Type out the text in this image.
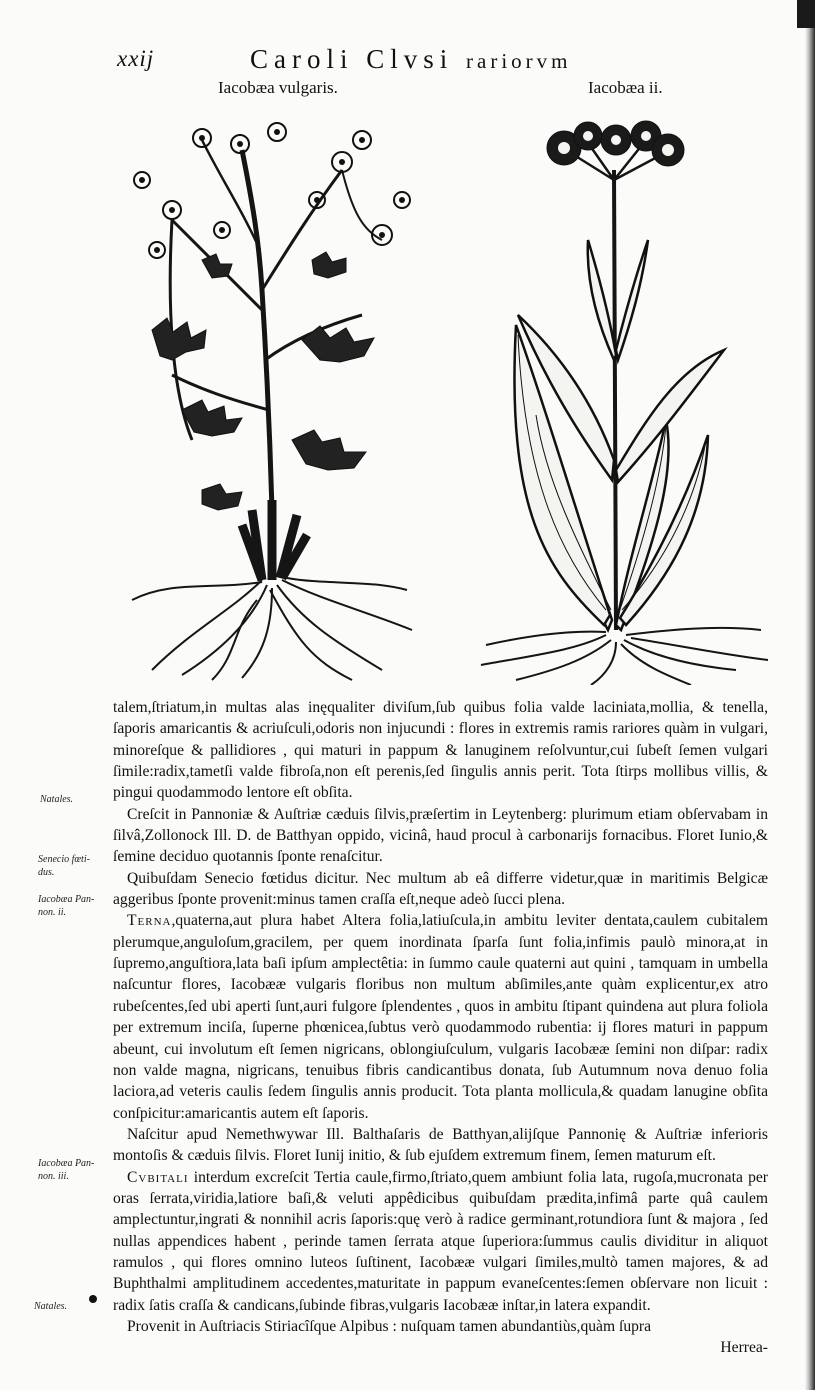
xxij	Caroli Clvsi rariorvm
Iacobæa vulgaris.	Iacobæa ii.

talem,ſtriatum,in multas alas inęqualiter diviſum,ſub quibus folia valde laciniata,mollia, & tenella, ſaporis amaricantis & acriuſculi,odoris non injucundi : flores in extremis ramis rariores quàm in vulgari, minoreſque & pallidiores , qui maturi in pappum & lanuginem reſolvuntur,cui ſubeſt ſemen vulgari ſimile:radix,tametſi valde fibroſa,non eſt perenis,ſed ſingulis annis perit. Tota ſtirps mollibus villis, & pingui quodammodo lentore eſt obſita.

Creſcit in Pannoniæ & Auſtriæ cæduis ſilvis,præſertim in Leytenberg: plurimum etiam obſervabam in ſilvâ,Zollonock Ill. D. de Batthyan oppido, vicinâ, haud procul à carbonarijs fornacibus. Floret Iunio,& ſemine deciduo quotannis ſponte renaſcitur.

Quibuſdam Senecio fœtidus dicitur. Nec multum ab eâ differre videtur,quæ in maritimis Belgicæ aggeribus ſponte provenit:minus tamen craſſa eſt,neque adeò ſucci plena.

Terna,quaterna,aut plura habet Altera folia,latiuſcula,in ambitu leviter dentata,caulem cubitalem plerumque,anguloſum,gracilem, per quem inordinata ſparſa ſunt folia,infimis paulò minora,at in ſupremo,anguſtiora,lata baſi ipſum amplectêtia: in ſummo caule quaterni aut quini , tamquam in umbella naſcuntur flores, Iacobææ vulgaris floribus non multum abſimiles,ante quàm explicentur,ex atro rubeſcentes,ſed ubi aperti ſunt,auri fulgore ſplendentes , quos in ambitu ſtipant quindena aut plura foliola per extremum inciſa, ſuperne phœnicea,ſubtus verò quodammodo rubentia: ij flores maturi in pappum abeunt, cui involutum eſt ſemen nigricans, oblongiuſculum, vulgaris Iacobææ ſemini non diſpar: radix non valde magna, nigricans, tenuibus fibris candicantibus donata, ſub Autumnum nova denuo folia laciora,ad veteris caulis ſedem ſingulis annis producit. Tota planta mollicula,& quadam lanugine obſita conſpicitur:amaricantis autem eſt ſaporis.

Naſcitur apud Nemethwywar Ill. Balthaſaris de Batthyan,alijſque Pannonię & Auſtriæ inferioris montoſis & cæduis ſilvis. Floret Iunij initio, & ſub ejuſdem extremum finem, ſemen maturum eſt.

Cvbitali interdum excreſcit Tertia caule,firmo,ſtriato,quem ambiunt folia lata, rugoſa,mucronata per oras ſerrata,viridia,latiore baſi,& veluti appêdicibus quibuſdam prædita,infimâ parte quâ caulem amplectuntur,ingrati & nonnihil acris ſaporis:quę verò à radice germinant,rotundiora ſunt & majora , ſed nullas appendices habent , perinde tamen ſerrata atque ſuperiora:ſummus caulis dividitur in aliquot ramulos , qui flores omnino luteos ſuſtinent, Iacobææ vulgari ſimiles,multò tamen majores, & ad Buphthalmi amplitudinem accedentes,maturitate in pappum evaneſcentes:ſemen obſervare non licuit : radix ſatis craſſa & candicans,ſubinde fibras,vulgaris Iacobææ inſtar,in latera expandit.

Provenit in Auſtriacis Stiriacîſque Alpibus : nuſquam tamen abundantiùs,quàm ſupra

Herrea-
Natales.
Senecio fœti- dus.
Iacobæa Pan- non. ii.
Iacobæa Pan- non. iii.
Natales.
